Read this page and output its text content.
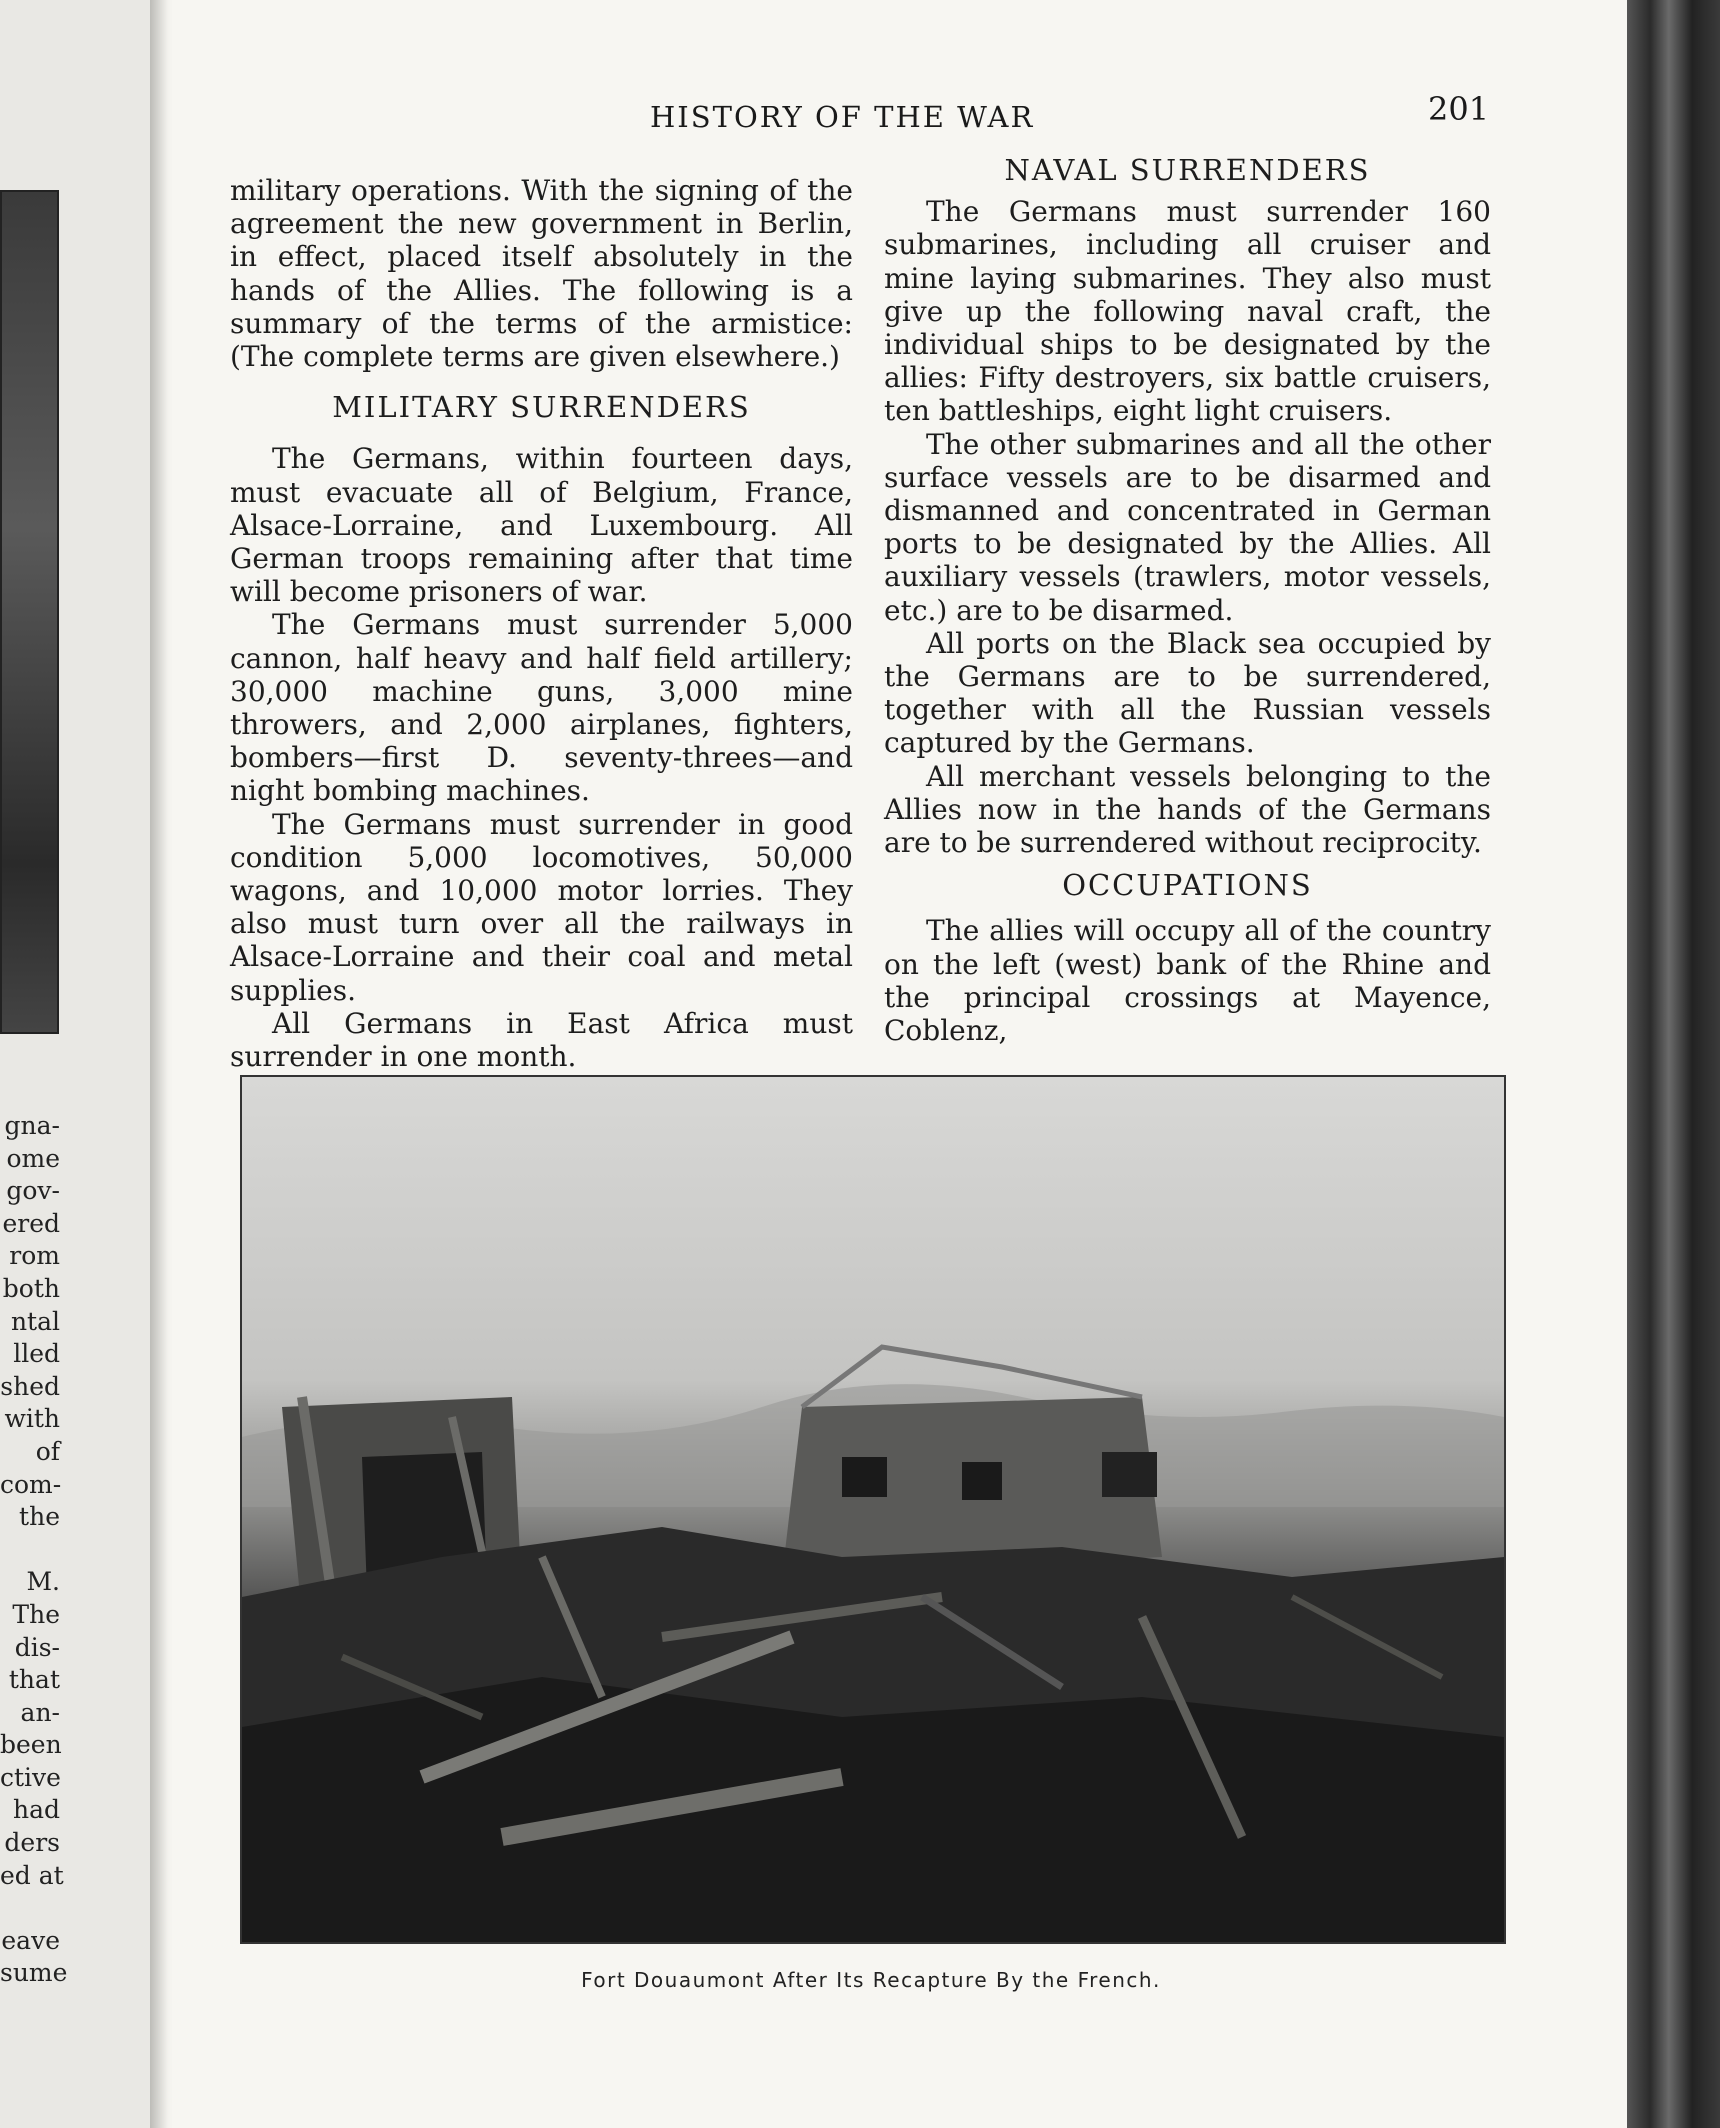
gna-
ome
gov-
ered
rom
both
ntal
lled
shed
with
of
com-
the
M.
The
dis-
that
an-
been
ctive
had
ders
ed at
eave
sume
HISTORY OF THE WAR	201

military operations. With the signing of the agreement the new government in Berlin, in effect, placed itself absolutely in the hands of the Allies. The following is a summary of the terms of the armistice: (The complete terms are given elsewhere.)

MILITARY SURRENDERS

The Germans, within fourteen days, must evacuate all of Belgium, France, Alsace-Lorraine, and Luxembourg. All German troops remaining after that time will become prisoners of war.

The Germans must surrender 5,000 cannon, half heavy and half field artillery; 30,000 machine guns, 3,000 mine throwers, and 2,000 airplanes, fighters, bombers—first D. seventy-threes—and night bombing machines.

The Germans must surrender in good condition 5,000 locomotives, 50,000 wagons, and 10,000 motor lorries. They also must turn over all the railways in Alsace-Lorraine and their coal and metal supplies.

All Germans in East Africa must surrender in one month.

NAVAL SURRENDERS

The Germans must surrender 160 submarines, including all cruiser and mine laying submarines. They also must give up the following naval craft, the individual ships to be designated by the allies: Fifty destroyers, six battle cruisers, ten battleships, eight light cruisers.

The other submarines and all the other surface vessels are to be disarmed and dismanned and concentrated in German ports to be designated by the Allies. All auxiliary vessels (trawlers, motor vessels, etc.) are to be disarmed.

All ports on the Black sea occupied by the Germans are to be surrendered, together with all the Russian vessels captured by the Germans.

All merchant vessels belonging to the Allies now in the hands of the Germans are to be surrendered without reciprocity.

OCCUPATIONS

The allies will occupy all of the country on the left (west) bank of the Rhine and the principal crossings at Mayence, Coblenz,

Fort Douaumont After Its Recapture By the French.
